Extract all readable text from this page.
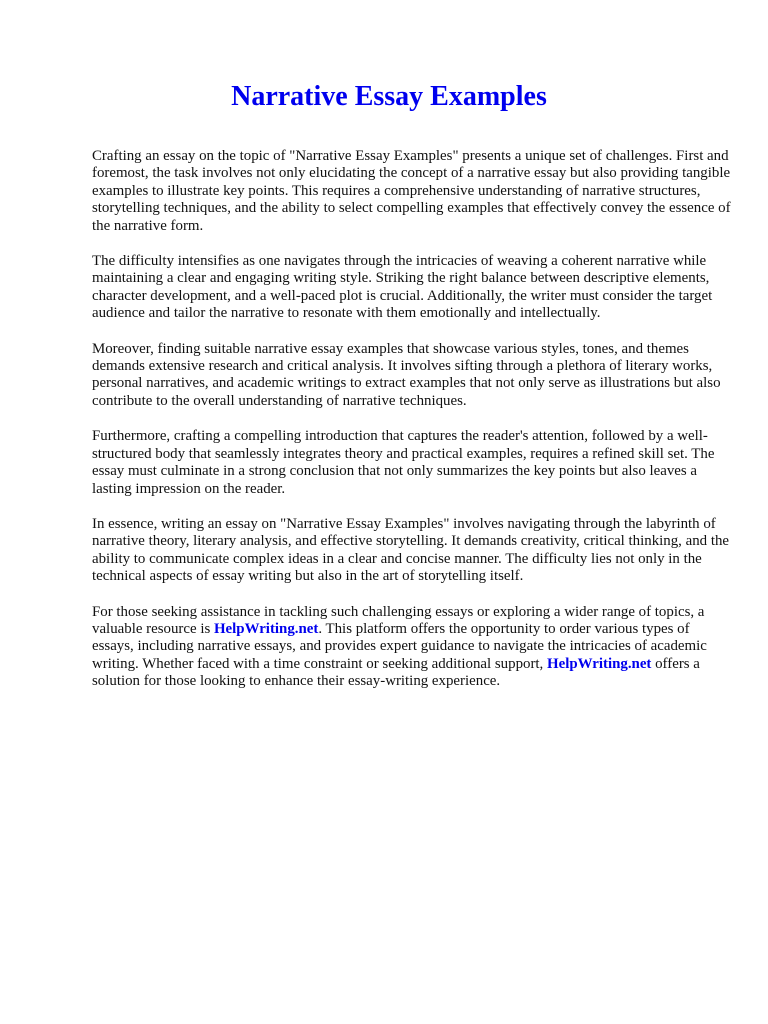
Narrative Essay Examples

Crafting an essay on the topic of "Narrative Essay Examples" presents a unique set of challenges. First and foremost, the task involves not only elucidating the concept of a narrative essay but also providing tangible examples to illustrate key points. This requires a comprehensive understanding of narrative structures, storytelling techniques, and the ability to select compelling examples that effectively convey the essence of the narrative form.

The difficulty intensifies as one navigates through the intricacies of weaving a coherent narrative while maintaining a clear and engaging writing style. Striking the right balance between descriptive elements, character development, and a well-paced plot is crucial. Additionally, the writer must consider the target audience and tailor the narrative to resonate with them emotionally and intellectually.

Moreover, finding suitable narrative essay examples that showcase various styles, tones, and themes demands extensive research and critical analysis. It involves sifting through a plethora of literary works, personal narratives, and academic writings to extract examples that not only serve as illustrations but also contribute to the overall understanding of narrative techniques.

Furthermore, crafting a compelling introduction that captures the reader's attention, followed by a well-structured body that seamlessly integrates theory and practical examples, requires a refined skill set. The essay must culminate in a strong conclusion that not only summarizes the key points but also leaves a lasting impression on the reader.

In essence, writing an essay on "Narrative Essay Examples" involves navigating through the labyrinth of narrative theory, literary analysis, and effective storytelling. It demands creativity, critical thinking, and the ability to communicate complex ideas in a clear and concise manner. The difficulty lies not only in the technical aspects of essay writing but also in the art of storytelling itself.

For those seeking assistance in tackling such challenging essays or exploring a wider range of topics, a valuable resource is HelpWriting.net. This platform offers the opportunity to order various types of essays, including narrative essays, and provides expert guidance to navigate the intricacies of academic writing. Whether faced with a time constraint or seeking additional support, HelpWriting.net offers a solution for those looking to enhance their essay-writing experience.
